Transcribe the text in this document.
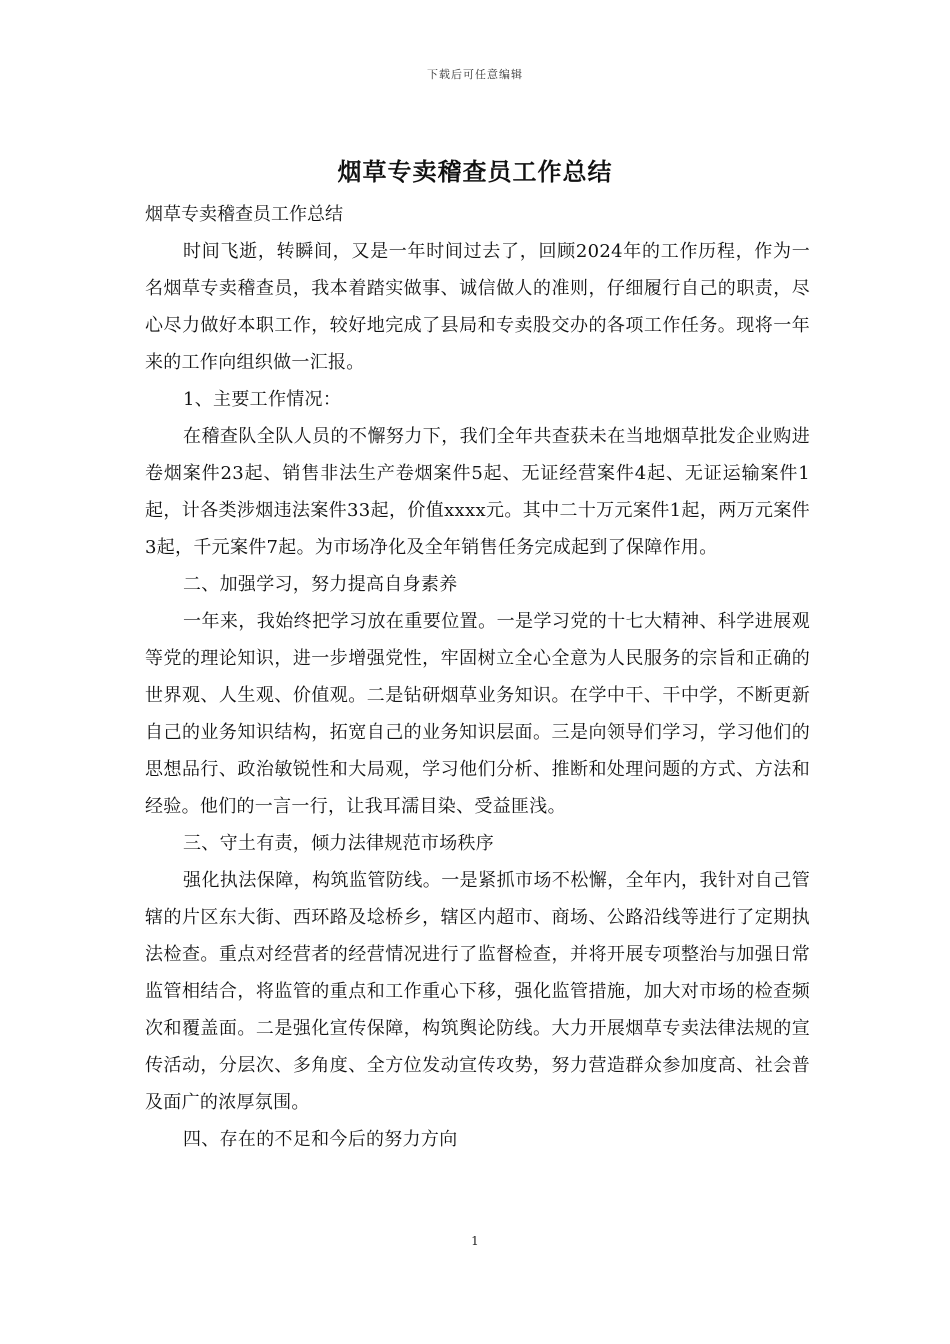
下载后可任意编辑
烟草专卖稽查员工作总结

烟草专卖稽查员工作总结

时间飞逝，转瞬间，又是一年时间过去了，回顾2024年的工作历程，作为一名烟草专卖稽查员，我本着踏实做事、诚信做人的准则，仔细履行自己的职责，尽心尽力做好本职工作，较好地完成了县局和专卖股交办的各项工作任务。现将一年来的工作向组织做一汇报。

1、主要工作情况：

在稽查队全队人员的不懈努力下，我们全年共查获未在当地烟草批发企业购进卷烟案件23起、销售非法生产卷烟案件5起、无证经营案件4起、无证运输案件1起，计各类涉烟违法案件33起，价值xxxx元。其中二十万元案件1起，两万元案件3起，千元案件7起。为市场净化及全年销售任务完成起到了保障作用。

二、加强学习，努力提高自身素养

一年来，我始终把学习放在重要位置。一是学习党的十七大精神、科学进展观等党的理论知识，进一步增强党性，牢固树立全心全意为人民服务的宗旨和正确的世界观、人生观、价值观。二是钻研烟草业务知识。在学中干、干中学，不断更新自己的业务知识结构，拓宽自己的业务知识层面。三是向领导们学习，学习他们的思想品行、政治敏锐性和大局观，学习他们分析、推断和处理问题的方式、方法和经验。他们的一言一行，让我耳濡目染、受益匪浅。

三、守土有责，倾力法律规范市场秩序

强化执法保障，构筑监管防线。一是紧抓市场不松懈，全年内，我针对自己管辖的片区东大街、西环路及埝桥乡，辖区内超市、商场、公路沿线等进行了定期执法检查。重点对经营者的经营情况进行了监督检查，并将开展专项整治与加强日常监管相结合，将监管的重点和工作重心下移，强化监管措施，加大对市场的检查频次和覆盖面。二是强化宣传保障，构筑舆论防线。大力开展烟草专卖法律法规的宣传活动，分层次、多角度、全方位发动宣传攻势，努力营造群众参加度高、社会普及面广的浓厚氛围。

四、存在的不足和今后的努力方向

1
